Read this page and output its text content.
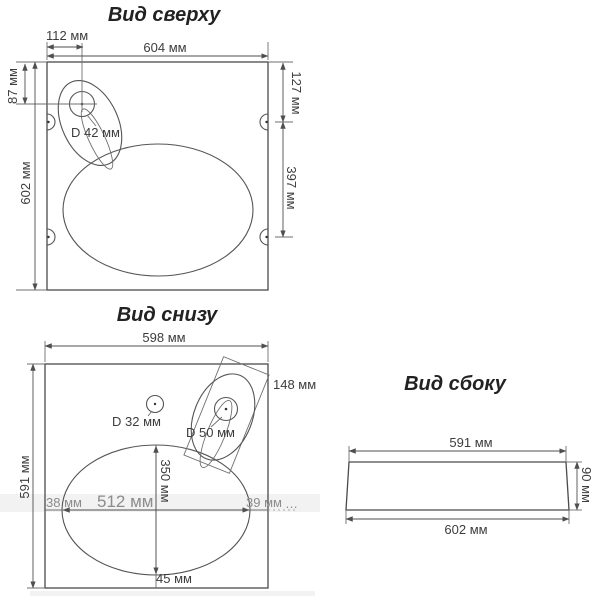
Вид сверху
112 мм
604 мм
87 мм
602 мм
127 мм
397 мм
D 42 мм
Вид снизу
598 мм
591 мм
148 мм
D 32 мм
D 50 мм
350 мм
38 мм 512 мм	39 мм …
45 мм
Вид сбоку
591 мм
90 мм
602 мм
